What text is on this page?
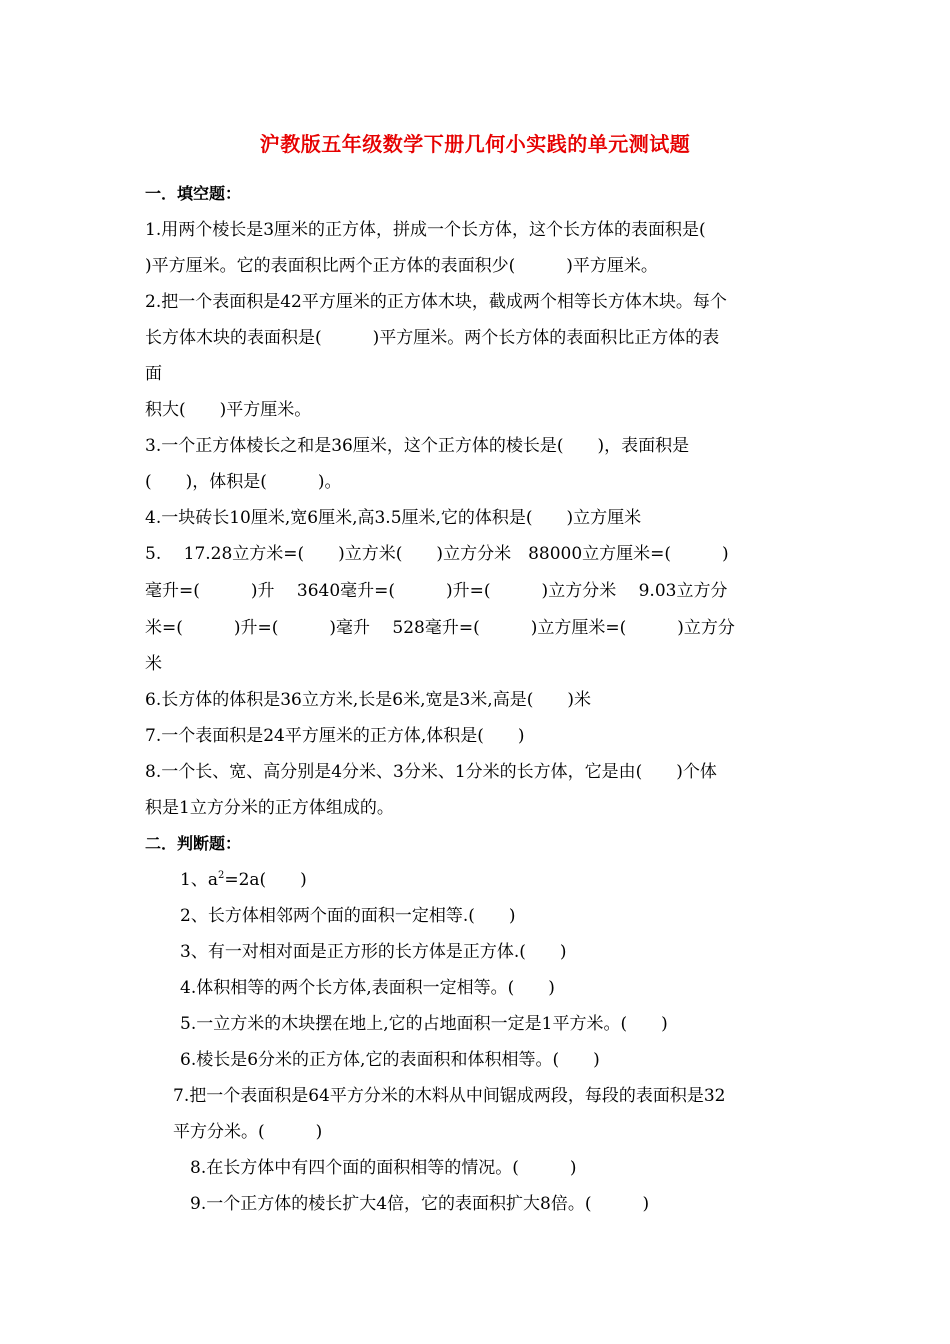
沪教版五年级数学下册几何小实践的单元测试题
一．填空题：
1.用两个棱长是3厘米的正方体，拼成一个长方体，这个长方体的表面积是(
)平方厘米。它的表面积比两个正方体的表面积少(　　　)平方厘米。
2.把一个表面积是42平方厘米的正方体木块，截成两个相等长方体木块。每个
长方体木块的表面积是(　　　)平方厘米。两个长方体的表面积比正方体的表
面
积大(　　)平方厘米。
3.一个正方体棱长之和是36厘米，这个正方体的棱长是(　　)，表面积是
(　　)，体积是(　　　)。
4.一块砖长10厘米,宽6厘米,高3.5厘米,它的体积是(　　)立方厘米
5.　 17.28立方米=(　　)立方米(　　)立方分米　88000立方厘米=(　　　)
毫升=(　　　)升　 3640毫升=(　　　)升=(　　　)立方分米　 9.03立方分
米=(　　　)升=(　　　)毫升　 528毫升=(　　　)立方厘米=(　　　)立方分
米
6.长方体的体积是36立方米,长是6米,宽是3米,高是(　　)米
7.一个表面积是24平方厘米的正方体,体积是(　　)
8.一个长、宽、高分别是4分米、3分米、1分米的长方体，它是由(　　)个体
积是1立方分米的正方体组成的。
二．判断题：
1、$a^2=2a$(　　)
2、长方体相邻两个面的面积一定相等.(　　)
3、有一对相对面是正方形的长方体是正方体.(　　)
4.体积相等的两个长方体,表面积一定相等。(　　)
5.一立方米的木块摆在地上,它的占地面积一定是1平方米。(　　)
6.棱长是6分米的正方体,它的表面积和体积相等。(　　)
7.把一个表面积是64平方分米的木料从中间锯成两段，每段的表面积是32
平方分米。(　　　)
8.在长方体中有四个面的面积相等的情况。(　　　)
9.一个正方体的棱长扩大4倍，它的表面积扩大8倍。(　　　)
